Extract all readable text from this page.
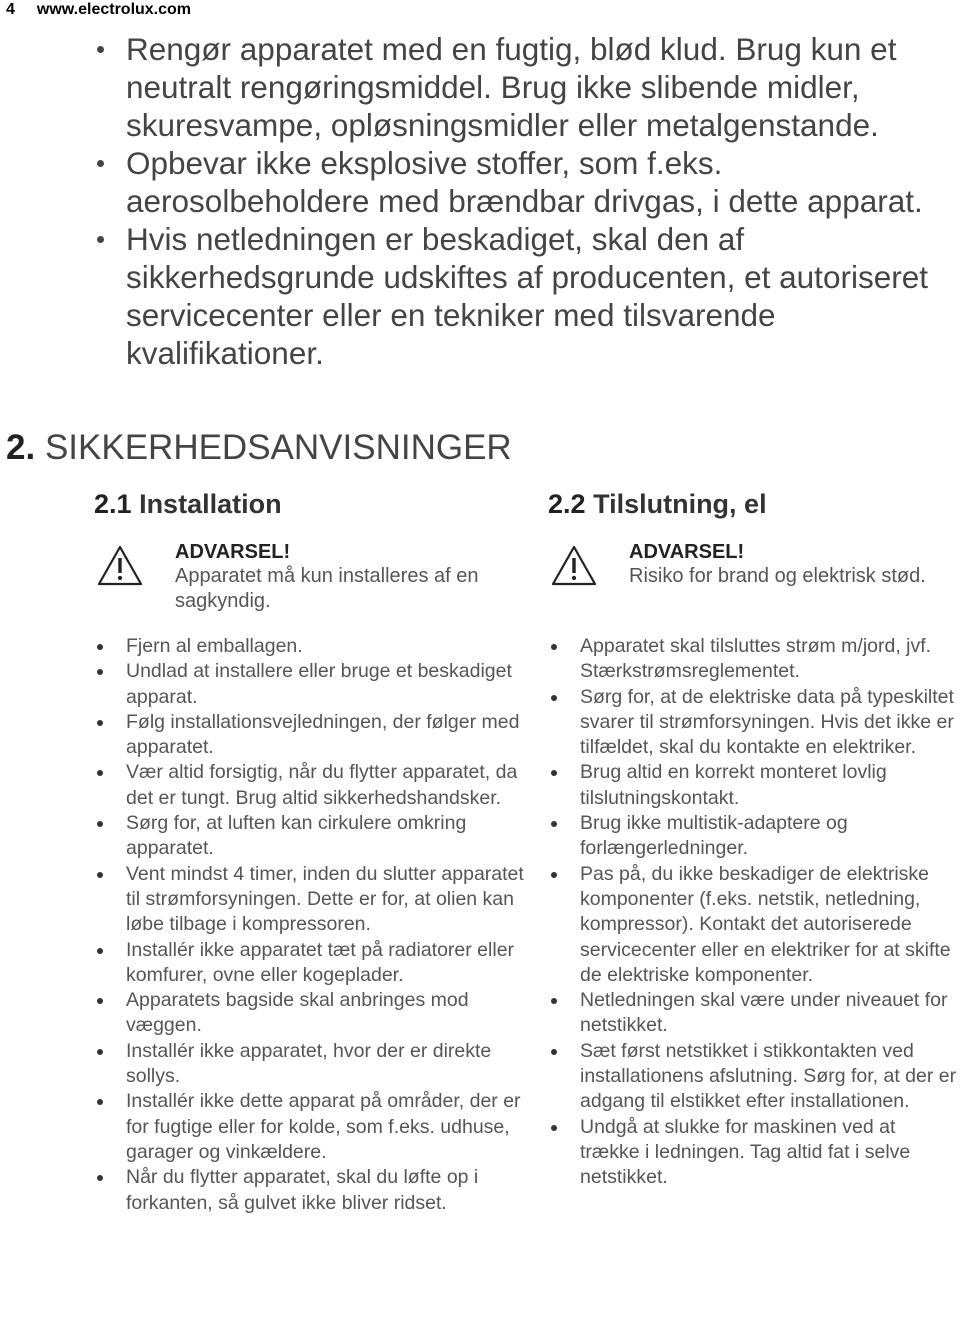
4 www.electrolux.com
Rengør apparatet med en fugtig, blød klud. Brug kun et neutralt rengøringsmiddel. Brug ikke slibende midler, skuresvampe, opløsningsmidler eller metalgenstande.
Opbevar ikke eksplosive stoffer, som f.eks. aerosolbeholdere med brændbar drivgas, i dette apparat.
Hvis netledningen er beskadiget, skal den af sikkerhedsgrunde udskiftes af producenten, et autoriseret servicecenter eller en tekniker med tilsvarende kvalifikationer.
2. SIKKERHEDSANVISNINGER
2.1 Installation
ADVARSEL!
Apparatet må kun installeres af en sagkyndig.
Fjern al emballagen.
Undlad at installere eller bruge et beskadiget apparat.
Følg installationsvejledningen, der følger med apparatet.
Vær altid forsigtig, når du flytter apparatet, da det er tungt. Brug altid sikkerhedshandsker.
Sørg for, at luften kan cirkulere omkring apparatet.
Vent mindst 4 timer, inden du slutter apparatet til strømforsyningen. Dette er for, at olien kan løbe tilbage i kompressoren.
Installér ikke apparatet tæt på radiatorer eller komfurer, ovne eller kogeplader.
Apparatets bagside skal anbringes mod væggen.
Installér ikke apparatet, hvor der er direkte sollys.
Installér ikke dette apparat på områder, der er for fugtige eller for kolde, som f.eks. udhuse, garager og vinkældere.
Når du flytter apparatet, skal du løfte op i forkanten, så gulvet ikke bliver ridset.
2.2 Tilslutning, el
ADVARSEL!
Risiko for brand og elektrisk stød.
Apparatet skal tilsluttes strøm m/jord, jvf. Stærkstrømsreglementet.
Sørg for, at de elektriske data på typeskiltet svarer til strømforsyningen. Hvis det ikke er tilfældet, skal du kontakte en elektriker.
Brug altid en korrekt monteret lovlig tilslutningskontakt.
Brug ikke multistik-adaptere og forlængerledninger.
Pas på, du ikke beskadiger de elektriske komponenter (f.eks. netstik, netledning, kompressor). Kontakt det autoriserede servicecenter eller en elektriker for at skifte de elektriske komponenter.
Netledningen skal være under niveauet for netstikket.
Sæt først netstikket i stikkontakten ved installationens afslutning. Sørg for, at der er adgang til elstikket efter installationen.
Undgå at slukke for maskinen ved at trække i ledningen. Tag altid fat i selve netstikket.
